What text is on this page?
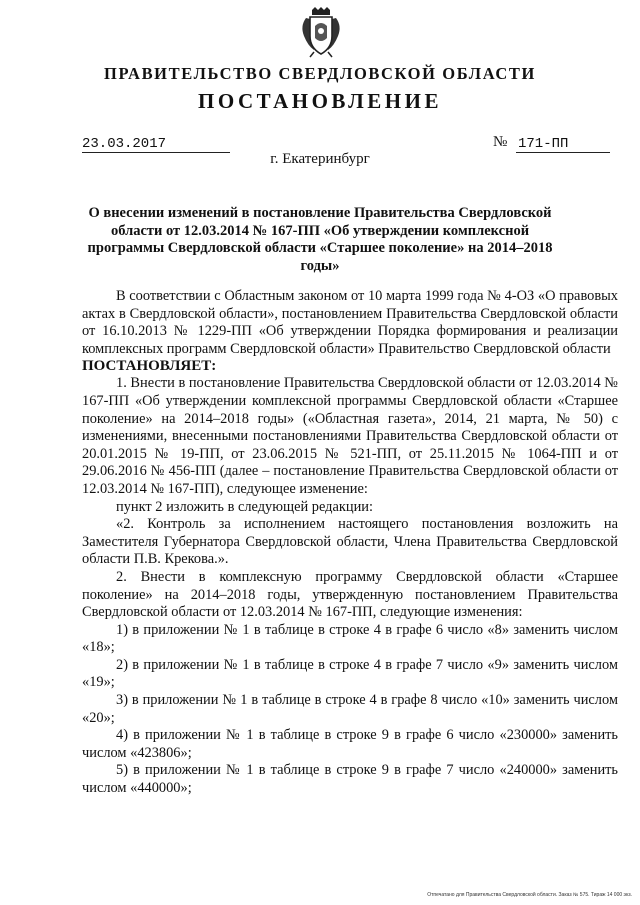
ПРАВИТЕЛЬСТВО СВЕРДЛОВСКОЙ ОБЛАСТИ
ПОСТАНОВЛЕНИЕ
23.03.2017	№ 171-ПП
г. Екатеринбург
О внесении изменений в постановление Правительства Свердловской области от 12.03.2014 № 167-ПП «Об утверждении комплексной программы Свердловской области «Старшее поколение» на 2014–2018 годы»

В соответствии с Областным законом от 10 марта 1999 года № 4-ОЗ «О правовых актах в Свердловской области», постановлением Правительства Свердловской области от 16.10.2013 № 1229-ПП «Об утверждении Порядка формирования и реализации комплексных программ Свердловской области» Правительство Свердловской области

ПОСТАНОВЛЯЕТ:

1. Внести в постановление Правительства Свердловской области от 12.03.2014 № 167-ПП «Об утверждении комплексной программы Свердловской области «Старшее поколение» на 2014–2018 годы» («Областная газета», 2014, 21 марта, № 50) с изменениями, внесенными постановлениями Правительства Свердловской области от 20.01.2015 № 19-ПП, от 23.06.2015 № 521-ПП, от 25.11.2015 № 1064-ПП и от 29.06.2016 № 456-ПП (далее – постановление Правительства Свердловской области от 12.03.2014 № 167-ПП), следующее изменение:

пункт 2 изложить в следующей редакции:

«2. Контроль за исполнением настоящего постановления возложить на Заместителя Губернатора Свердловской области, Члена Правительства Свердловской области П.В. Крекова.».

2. Внести в комплексную программу Свердловской области «Старшее поколение» на 2014–2018 годы, утвержденную постановлением Правительства Свердловской области от 12.03.2014 № 167-ПП, следующие изменения:

1) в приложении № 1 в таблице в строке 4 в графе 6 число «8» заменить числом «18»;

2) в приложении № 1 в таблице в строке 4 в графе 7 число «9» заменить числом «19»;

3) в приложении № 1 в таблице в строке 4 в графе 8 число «10» заменить числом «20»;

4) в приложении № 1 в таблице в строке 9 в графе 6 число «230000» заменить числом «423806»;

5) в приложении № 1 в таблице в строке 9 в графе 7 число «240000» заменить числом «440000»;

Отпечатано для Правительства Свердловской области. Заказ № 575. Тираж 14 000 экз.
